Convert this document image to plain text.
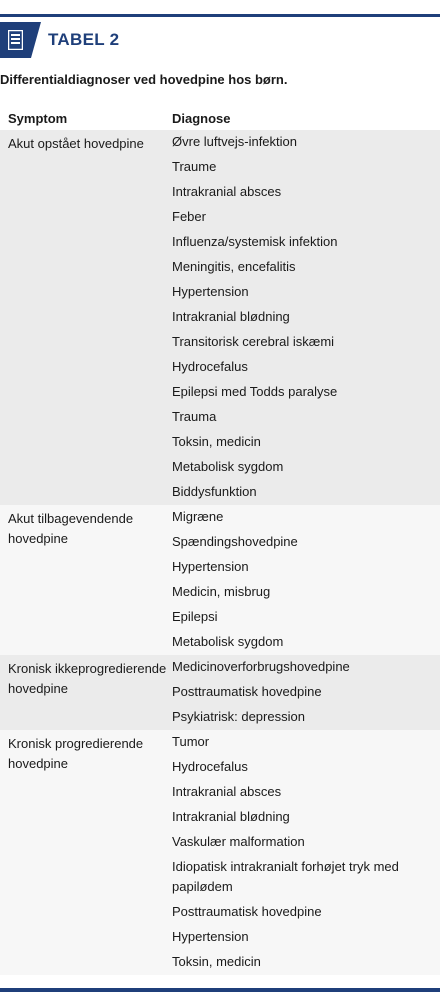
TABEL 2
Differentialdiagnoser ved hovedpine hos børn.
Symptom	Diagnose
Akut opstået hovedpine	Øvre luftvejs-infektion
Traume
Intrakranial absces
Feber
Influenza/systemisk infektion
Meningitis, encefalitis
Hypertension
Intrakranial blødning
Transitorisk cerebral iskæmi
Hydrocefalus
Epilepsi med Todds paralyse
Trauma
Toksin, medicin
Metabolisk sygdom
Biddysfunktion
Akut tilbagevendende hovedpine
Migræne
Spændingshovedpine
Hypertension
Medicin, misbrug
Epilepsi
Metabolisk sygdom
Kronisk ikkeprogredierende hovedpine
Medicinoverforbrugshovedpine
Posttraumatisk hovedpine
Psykiatrisk: depression
Kronisk progredierende hovedpine
Tumor
Hydrocefalus
Intrakranial absces
Intrakranial blødning
Vaskulær malformation
Idiopatisk intrakranialt forhøjet tryk med papilødem
Posttraumatisk hovedpine
Hypertension
Toksin, medicin
